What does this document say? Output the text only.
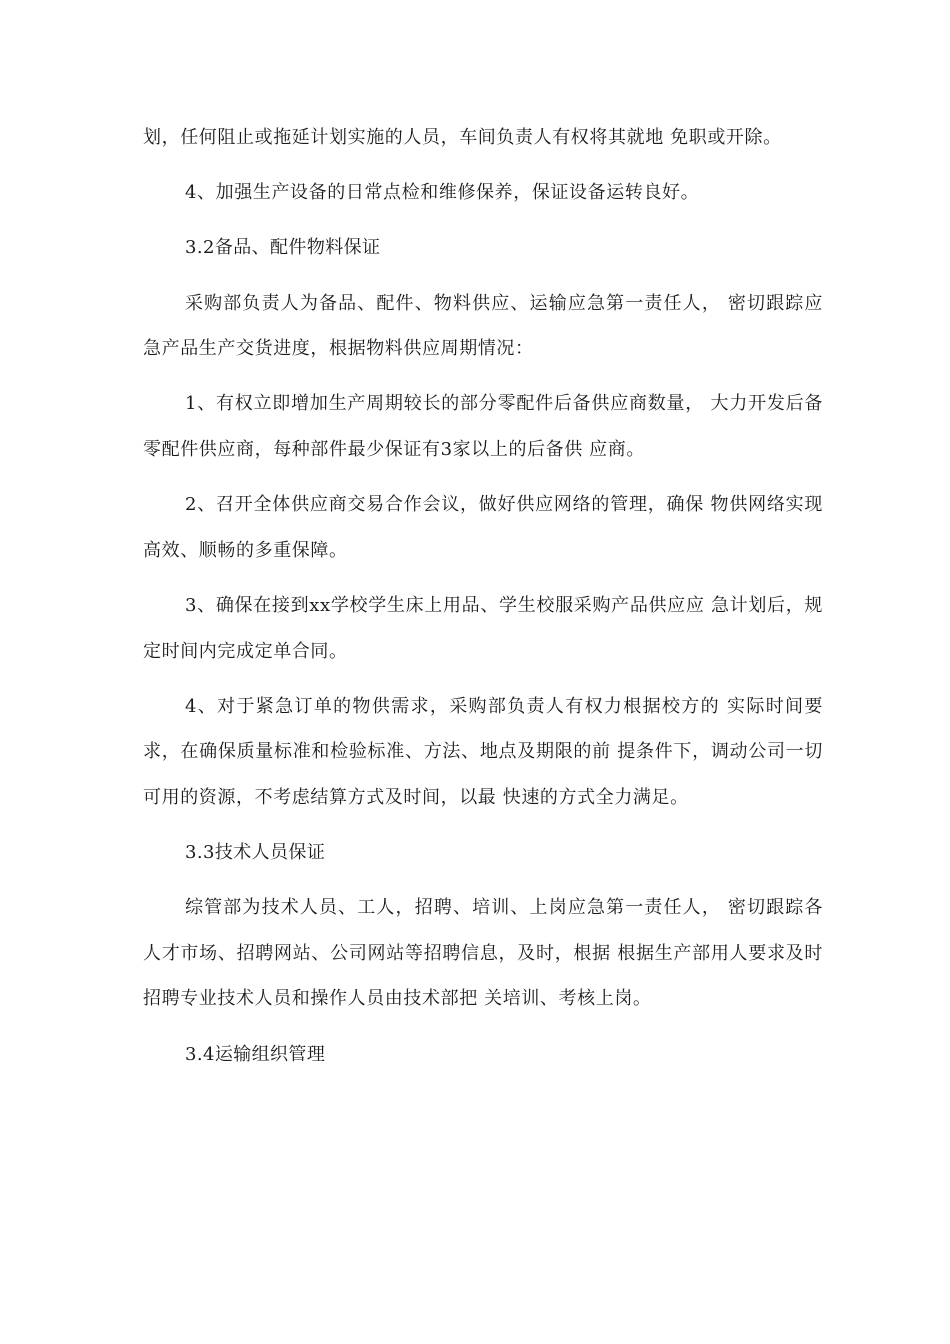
划，任何阻止或拖延计划实施的人员，车间负责人有权将其就地 免职或开除。

4、加强生产设备的日常点检和维修保养，保证设备运转良好。

3.2备品、配件物料保证

采购部负责人为备品、配件、物料供应、运输应急第一责任人， 密切跟踪应急产品生产交货进度，根据物料供应周期情况：

1、有权立即增加生产周期较长的部分零配件后备供应商数量， 大力开发后备零配件供应商，每种部件最少保证有3家以上的后备供 应商。

2、召开全体供应商交易合作会议，做好供应网络的管理，确保 物供网络实现高效、顺畅的多重保障。

3、确保在接到xx学校学生床上用品、学生校服采购产品供应应 急计划后，规定时间内完成定单合同。

4、对于紧急订单的物供需求，采购部负责人有权力根据校方的 实际时间要求，在确保质量标准和检验标准、方法、地点及期限的前 提条件下，调动公司一切可用的资源，不考虑结算方式及时间，以最 快速的方式全力满足。

3.3技术人员保证

综管部为技术人员、工人，招聘、培训、上岗应急第一责任人， 密切跟踪各人才市场、招聘网站、公司网站等招聘信息，及时，根据 根据生产部用人要求及时招聘专业技术人员和操作人员由技术部把 关培训、考核上岗。

3.4运输组织管理
